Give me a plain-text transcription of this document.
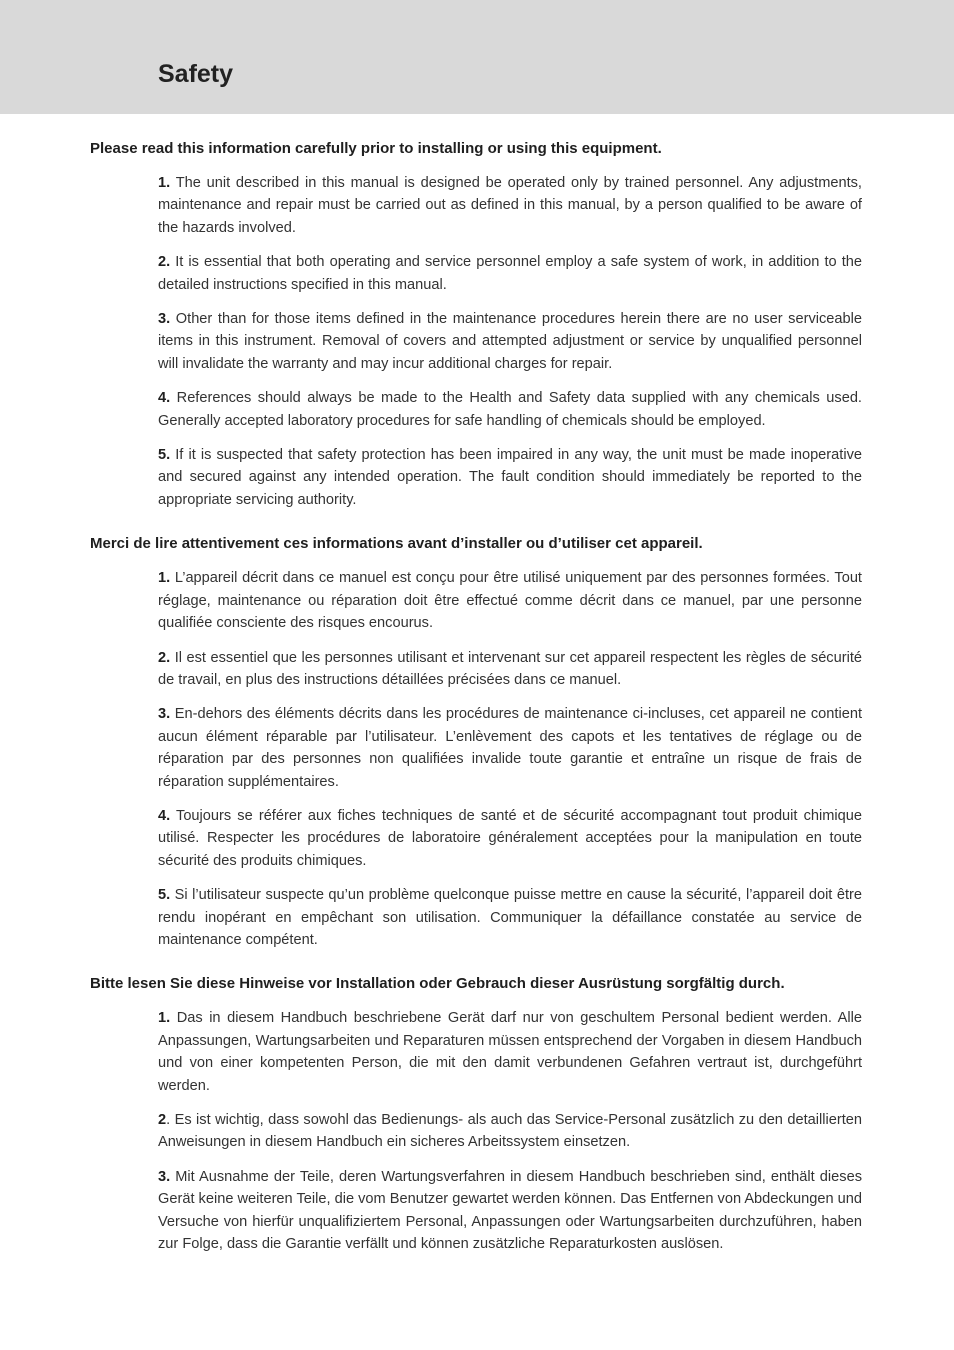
Safety

Please read this information carefully prior to installing or using this equipment.

1. The unit described in this manual is designed be operated only by trained personnel. Any adjustments, maintenance and repair must be carried out as defined in this manual, by a person qualified to be aware of the hazards involved.

2. It is essential that both operating and service personnel employ a safe system of work, in addition to the detailed instructions specified in this manual.

3. Other than for those items defined in the maintenance procedures herein there are no user serviceable items in this instrument. Removal of covers and attempted adjustment or service by unqualified personnel will invalidate the warranty and may incur additional charges for repair.

4. References should always be made to the Health and Safety data supplied with any chemicals used. Generally accepted laboratory procedures for safe handling of chemicals should be employed.

5. If it is suspected that safety protection has been impaired in any way, the unit must be made inoperative and secured against any intended operation. The fault condition should immediately be reported to the appropriate servicing authority.

Merci de lire attentivement ces informations avant d’installer ou d’utiliser cet appareil.

1. L’appareil décrit dans ce manuel est conçu pour être utilisé uniquement par des personnes formées. Tout réglage, maintenance ou réparation doit être effectué comme décrit dans ce manuel, par une personne qualifiée consciente des risques encourus.

2. Il est essentiel que les personnes utilisant et intervenant sur cet appareil respectent les règles de sécurité de travail, en plus des instructions détaillées précisées dans ce manuel.

3. En-dehors des éléments décrits dans les procédures de maintenance ci-incluses, cet appareil ne contient aucun élément réparable par l’utilisateur. L’enlèvement des capots et les tentatives de réglage ou de réparation par des personnes non qualifiées invalide toute garantie et entraîne un risque de frais de réparation supplémentaires.

4. Toujours se référer aux fiches techniques de santé et de sécurité accompagnant tout produit chimique utilisé. Respecter les procédures de laboratoire généralement acceptées pour la manipulation en toute sécurité des produits chimiques.

5. Si l’utilisateur suspecte qu’un problème quelconque puisse mettre en cause la sécurité, l’appareil doit être rendu inopérant en empêchant son utilisation. Communiquer la défaillance constatée au service de maintenance compétent.

Bitte lesen Sie diese Hinweise vor Installation oder Gebrauch dieser Ausrüstung sorgfältig durch.

1. Das in diesem Handbuch beschriebene Gerät darf nur von geschultem Personal bedient werden. Alle Anpassungen, Wartungsarbeiten und Reparaturen müssen entsprechend der Vorgaben in diesem Handbuch und von einer kompetenten Person, die mit den damit verbundenen Gefahren vertraut ist, durchgeführt werden.

2. Es ist wichtig, dass sowohl das Bedienungs- als auch das Service-Personal zusätzlich zu den detaillierten Anweisungen in diesem Handbuch ein sicheres Arbeitssystem einsetzen.

3. Mit Ausnahme der Teile, deren Wartungsverfahren in diesem Handbuch beschrieben sind, enthält dieses Gerät keine weiteren Teile, die vom Benutzer gewartet werden können. Das Entfernen von Abdeckungen und Versuche von hierfür unqualifiziertem Personal, Anpassungen oder Wartungsarbeiten durchzuführen, haben zur Folge, dass die Garantie verfällt und können zusätzliche Reparaturkosten auslösen.
